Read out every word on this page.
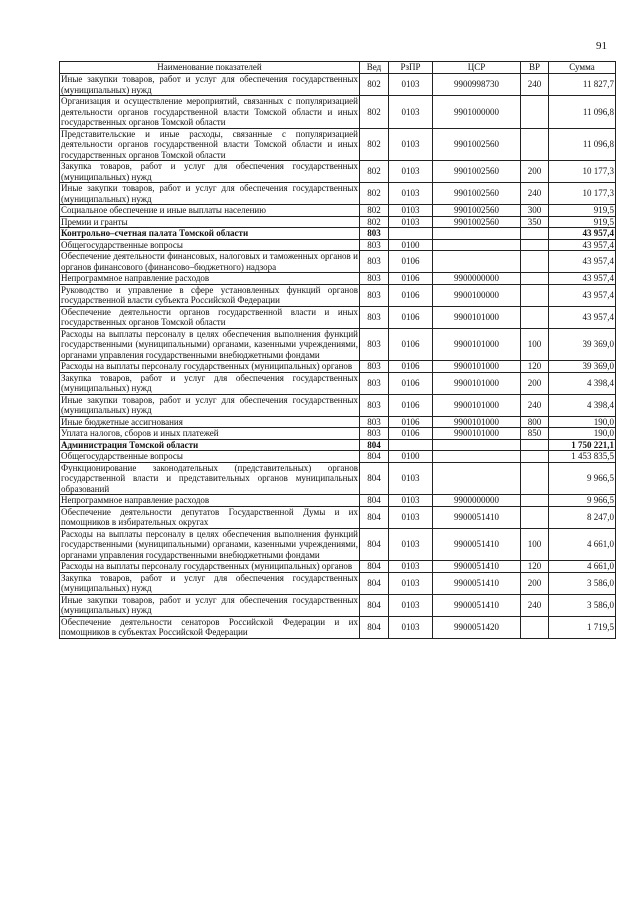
91
Наименование показателей	Вед	РзПР	ЦСР	ВР	Сумма
Иные закупки товаров, работ и услуг для обеспечения государственных (муниципальных) нужд	802	0103	9900998730	240	11 827,7
Организация и осуществление мероприятий, связанных с популяризацией деятельности органов государственной власти Томской области и иных государственных органов Томской области	802	0103	9901000000		11 096,8
Представительские и иные расходы, связанные с популяризацией деятельности органов государственной власти Томской области и иных государственных органов Томской области	802	0103	9901002560		11 096,8
Закупка товаров, работ и услуг для обеспечения государственных (муниципальных) нужд	802	0103	9901002560	200	10 177,3
Иные закупки товаров, работ и услуг для обеспечения государственных (муниципальных) нужд	802	0103	9901002560	240	10 177,3
Социальное обеспечение и иные выплаты населению	802	0103	9901002560	300	919,5
Премии и гранты	802	0103	9901002560	350	919,5
Контрольно–счетная палата Томской области	803				43 957,4
Общегосударственные вопросы	803	0100			43 957,4
Обеспечение деятельности финансовых, налоговых и таможенных органов и органов финансового (финансово–бюджетного) надзора	803	0106			43 957,4
Непрограммное направление расходов	803	0106	9900000000		43 957,4
Руководство и управление в сфере установленных функций органов государственной власти субъекта Российской Федерации	803	0106	9900100000		43 957,4
Обеспечение деятельности органов государственной власти и иных государственных органов Томской области	803	0106	9900101000		43 957,4
Расходы на выплаты персоналу в целях обеспечения выполнения функций государственными (муниципальными) органами, казенными учреждениями, органами управления государственными внебюджетными фондами	803	0106	9900101000	100	39 369,0
Расходы на выплаты персоналу государственных (муниципальных) органов	803	0106	9900101000	120	39 369,0
Закупка товаров, работ и услуг для обеспечения государственных (муниципальных) нужд	803	0106	9900101000	200	4 398,4
Иные закупки товаров, работ и услуг для обеспечения государственных (муниципальных) нужд	803	0106	9900101000	240	4 398,4
Иные бюджетные ассигнования	803	0106	9900101000	800	190,0
Уплата налогов, сборов и иных платежей	803	0106	9900101000	850	190,0
Администрация Томской области	804				1 750 221,1
Общегосударственные вопросы	804	0100			1 453 835,5
Функционирование законодательных (представительных) органов государственной власти и представительных органов муниципальных образований	804	0103			9 966,5
Непрограммное направление расходов	804	0103	9900000000		9 966,5
Обеспечение деятельности депутатов Государственной Думы и их помощников в избирательных округах	804	0103	9900051410		8 247,0
Расходы на выплаты персоналу в целях обеспечения выполнения функций государственными (муниципальными) органами, казенными учреждениями, органами управления государственными внебюджетными фондами	804	0103	9900051410	100	4 661,0
Расходы на выплаты персоналу государственных (муниципальных) органов	804	0103	9900051410	120	4 661,0
Закупка товаров, работ и услуг для обеспечения государственных (муниципальных) нужд	804	0103	9900051410	200	3 586,0
Иные закупки товаров, работ и услуг для обеспечения государственных (муниципальных) нужд	804	0103	9900051410	240	3 586,0
Обеспечение деятельности сенаторов Российской Федерации и их помощников в субъектах Российской Федерации	804	0103	9900051420		1 719,5
